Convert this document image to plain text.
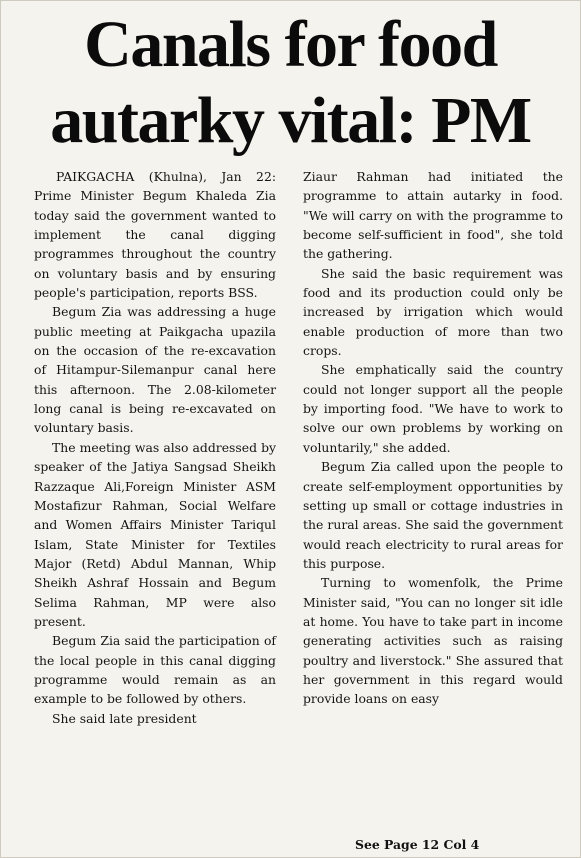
Canals for food
autarky vital: PM

PAIKGACHA (Khulna), Jan 22: Prime Minister Begum Khaleda Zia today said the government wanted to implement the canal digging programmes throughout the country on voluntary basis and by ensuring people's participation, reports BSS.

Begum Zia was addressing a huge public meeting at Paikgacha upazila on the occasion of the re-excavation of Hitampur-Silemanpur canal here this afternoon. The 2.08-kilometer long canal is being re-excavated on voluntary basis.

The meeting was also addressed by speaker of the Jatiya Sangsad Sheikh Razzaque Ali,Foreign Minister ASM Mostafizur Rahman, Social Welfare and Women Affairs Minister Tariqul Islam, State Minister for Textiles Major (Retd) Abdul Mannan, Whip Sheikh Ashraf Hossain and Begum Selima Rahman, MP were also present.

Begum Zia said the participation of the local people in this canal digging programme would remain as an example to be followed by others.

She said late president

Ziaur Rahman had initiated the programme to attain autarky in food. "We will carry on with the programme to become self-sufficient in food", she told the gathering.

She said the basic requirement was food and its production could only be increased by irrigation which would enable production of more than two crops.

She emphatically said the country could not longer support all the people by importing food. "We have to work to solve our own problems by working on voluntarily," she added.

Begum Zia called upon the people to create self-employment opportunities by setting up small or cottage industries in the rural areas. She said the government would reach electricity to rural areas for this purpose.

Turning to womenfolk, the Prime Minister said, "You can no longer sit idle at home. You have to take part in income generating activities such as raising poultry and liverstock." She assured that her government in this regard would provide loans on easy

See Page 12 Col 4
